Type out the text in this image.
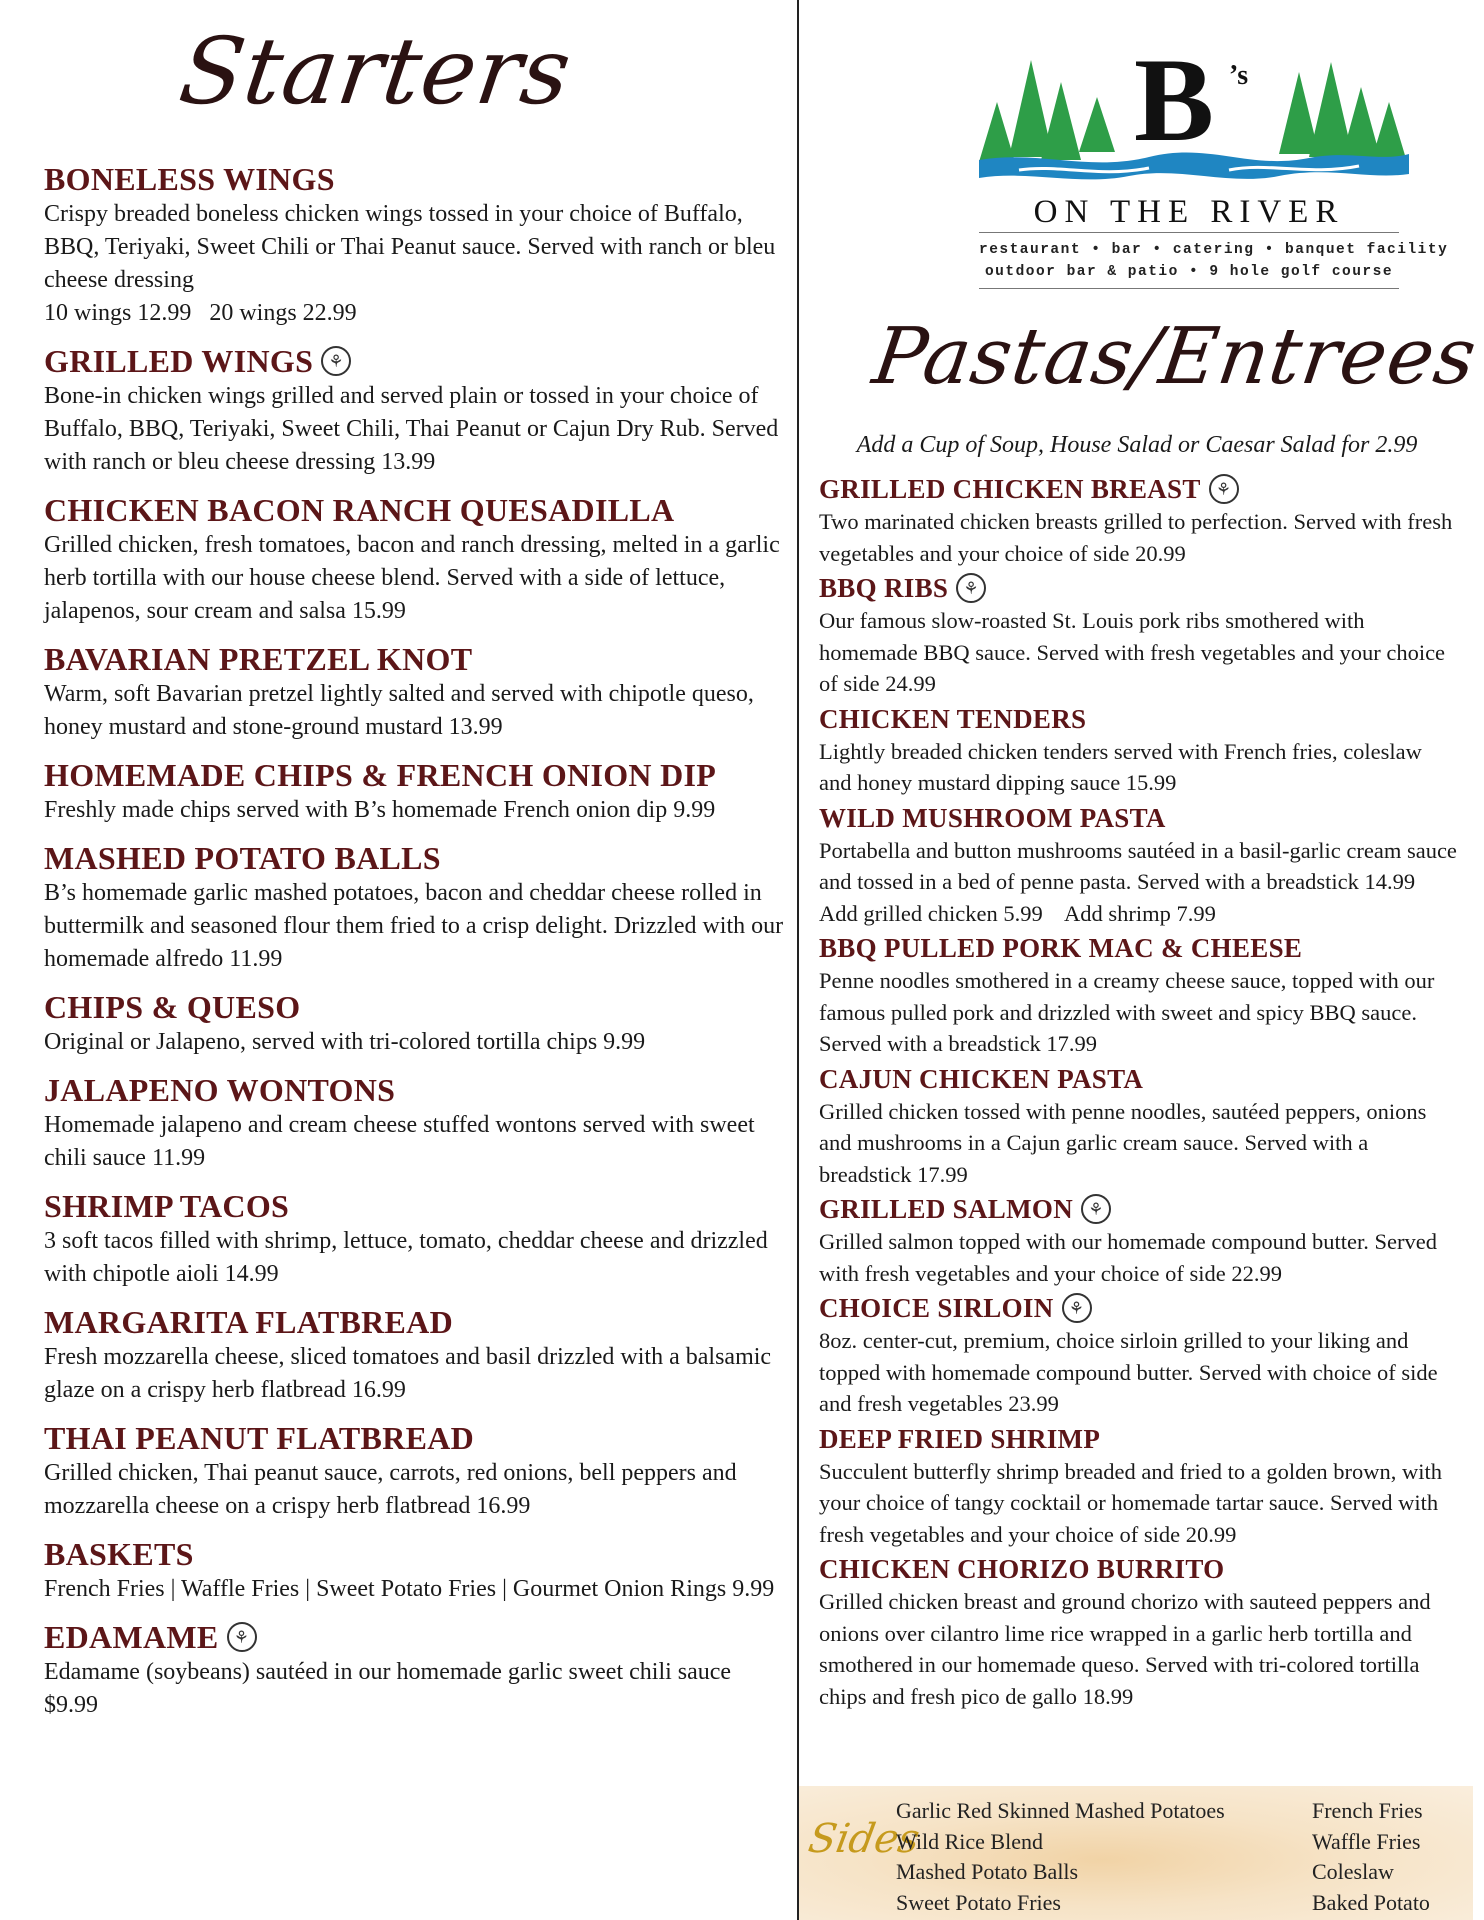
Starters
BONELESS WINGS

Crispy breaded boneless chicken wings tossed in your choice of Buffalo, BBQ, Teriyaki, Sweet Chili or Thai Peanut sauce. Served with ranch or bleu cheese dressing

10 wings 12.99   20 wings 22.99
GRILLED WINGS ⚘

Bone-in chicken wings grilled and served plain or tossed in your choice of Buffalo, BBQ, Teriyaki, Sweet Chili, Thai Peanut or Cajun Dry Rub. Served with ranch or bleu cheese dressing 13.99

CHICKEN BACON RANCH QUESADILLA

Grilled chicken, fresh tomatoes, bacon and ranch dressing, melted in a garlic herb tortilla with our house cheese blend. Served with a side of lettuce, jalapenos, sour cream and salsa 15.99

BAVARIAN PRETZEL KNOT

Warm, soft Bavarian pretzel lightly salted and served with chipotle queso, honey mustard and stone-ground mustard 13.99

HOMEMADE CHIPS & FRENCH ONION DIP

Freshly made chips served with B’s homemade French onion dip 9.99

MASHED POTATO BALLS

B’s homemade garlic mashed potatoes, bacon and cheddar cheese rolled in buttermilk and seasoned flour them fried to a crisp delight. Drizzled with our homemade alfredo 11.99

CHIPS & QUESO

Original or Jalapeno, served with tri-colored tortilla chips 9.99

JALAPENO WONTONS

Homemade jalapeno and cream cheese stuffed wontons served with sweet chili sauce 11.99

SHRIMP TACOS

3 soft tacos filled with shrimp, lettuce, tomato, cheddar cheese and drizzled with chipotle aioli 14.99

MARGARITA FLATBREAD

Fresh mozzarella cheese, sliced tomatoes and basil drizzled with a balsamic glaze on a crispy herb flatbread 16.99

THAI PEANUT FLATBREAD

Grilled chicken, Thai peanut sauce, carrots, red onions, bell peppers and mozzarella cheese on a crispy herb flatbread 16.99

BASKETS

French Fries | Waffle Fries | Sweet Potato Fries | Gourmet Onion Rings 9.99

EDAMAME ⚘

Edamame (soybeans) sautéed in our homemade garlic sweet chili sauce $9.99

B ’s
ON THE RIVER
restaurant • bar • catering • banquet facility
outdoor bar & patio • 9 hole golf course
Pastas/Entrees
Add a Cup of Soup, House Salad or Caesar Salad for 2.99
GRILLED CHICKEN BREAST ⚘

Two marinated chicken breasts grilled to perfection. Served with fresh vegetables and your choice of side 20.99

BBQ RIBS ⚘

Our famous slow-roasted St. Louis pork ribs smothered with homemade BBQ sauce. Served with fresh vegetables and your choice of side 24.99

CHICKEN TENDERS

Lightly breaded chicken tenders served with French fries, coleslaw and honey mustard dipping sauce 15.99

WILD MUSHROOM PASTA

Portabella and button mushrooms sautéed in a basil-garlic cream sauce and tossed in a bed of penne pasta. Served with a breadstick 14.99

Add grilled chicken 5.99    Add shrimp 7.99
BBQ PULLED PORK MAC & CHEESE

Penne noodles smothered in a creamy cheese sauce, topped with our famous pulled pork and drizzled with sweet and spicy BBQ sauce. Served with a breadstick 17.99

CAJUN CHICKEN PASTA

Grilled chicken tossed with penne noodles, sautéed peppers, onions and mushrooms in a Cajun garlic cream sauce. Served with a breadstick 17.99

GRILLED SALMON ⚘

Grilled salmon topped with our homemade compound butter. Served with fresh vegetables and your choice of side 22.99

CHOICE SIRLOIN ⚘

8oz. center-cut, premium, choice sirloin grilled to your liking and topped with homemade compound butter. Served with choice of side and fresh vegetables 23.99

DEEP FRIED SHRIMP

Succulent butterfly shrimp breaded and fried to a golden brown, with your choice of tangy cocktail or homemade tartar sauce. Served with fresh vegetables and your choice of side 20.99

CHICKEN CHORIZO BURRITO

Grilled chicken breast and ground chorizo with sauteed peppers and onions over cilantro lime rice wrapped in a garlic herb tortilla and smothered in our homemade queso. Served with tri-colored tortilla chips and fresh pico de gallo 18.99

Sides
Garlic Red Skinned Mashed Potatoes
Wild Rice Blend
Mashed Potato Balls
Sweet Potato Fries
French Fries
Waffle Fries
Coleslaw
Baked Potato
